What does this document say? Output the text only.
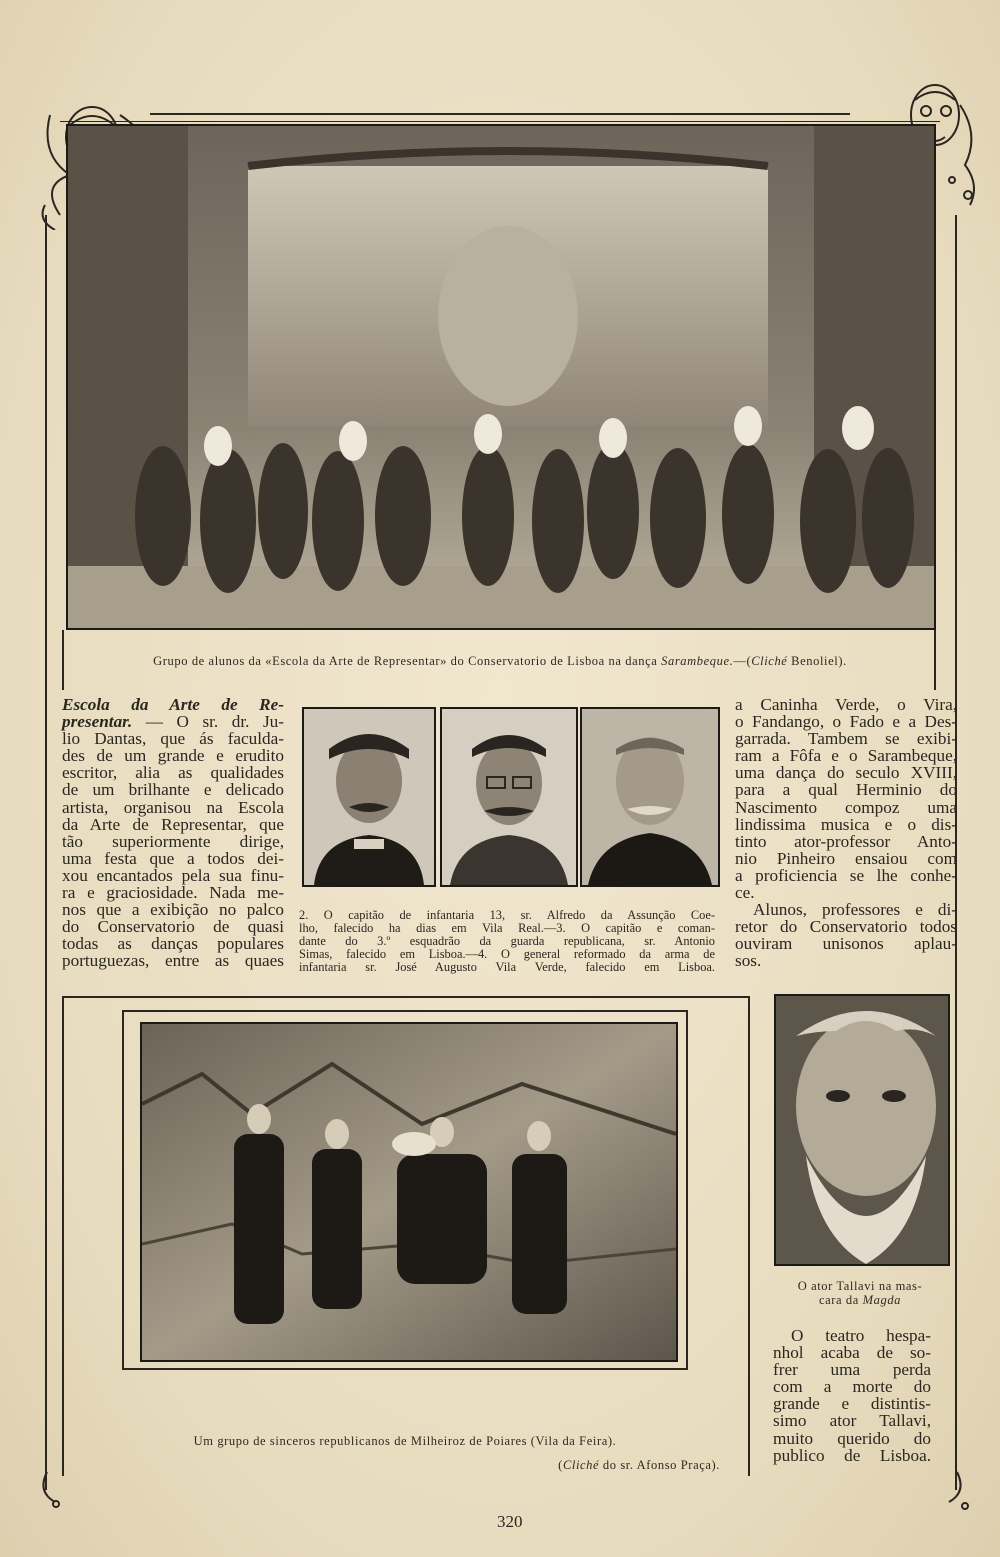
Grupo de alunos da «Escola da Arte de Representar» do Conservatorio de Lisboa na dança Sarambeque.—(Cliché Benoliel).
Escola da Arte de Re-
presentar. — O sr. dr. Ju-
lio Dantas, que ás faculda-
des de um grande e erudito
escritor, alia as qualidades
de um brilhante e delicado
artista, organisou na Escola
da Arte de Representar, que
tão superiormente dirige,
uma festa que a todos dei-
xou encantados pela sua finu-
ra e graciosidade. Nada me-
nos que a exibição no palco
do Conservatorio de quasi
todas as danças populares
portuguezas, entre as quaes
2. O capitão de infantaria 13, sr. Alfredo da Assunção Coe-
lho, falecido ha dias em Vila Real.—3. O capitão e coman-
dante do 3.º esquadrão da guarda republicana, sr. Antonio
Simas, falecido em Lisboa.—4. O general reformado da arma de
infantaria sr. José Augusto Vila Verde, falecido em Lisboa.
a Caninha Verde, o Vira,
o Fandango, o Fado e a Des-
garrada. Tambem se exibi-
ram a Fôfa e o Sarambeque,
uma dança do seculo XVIII,
para a qual Herminio do
Nascimento compoz uma
lindissima musica e o dis-
tinto ator-professor Anto-
nio Pinheiro ensaiou com
a proficiencia se lhe conhe-
ce.
Alunos, professores e di-
retor do Conservatorio todos
ouviram unisonos aplau-
sos.
Um grupo de sinceros republicanos de Milheiroz de Poiares (Vila da Feira).
(Cliché do sr. Afonso Praça).
O ator Tallavi na mas-
cara da Magda
O teatro hespa-
nhol acaba de so-
frer uma perda
com a morte do
grande e distintis-
simo ator Tallavi,
muito querido do
publico de Lisboa.
320
